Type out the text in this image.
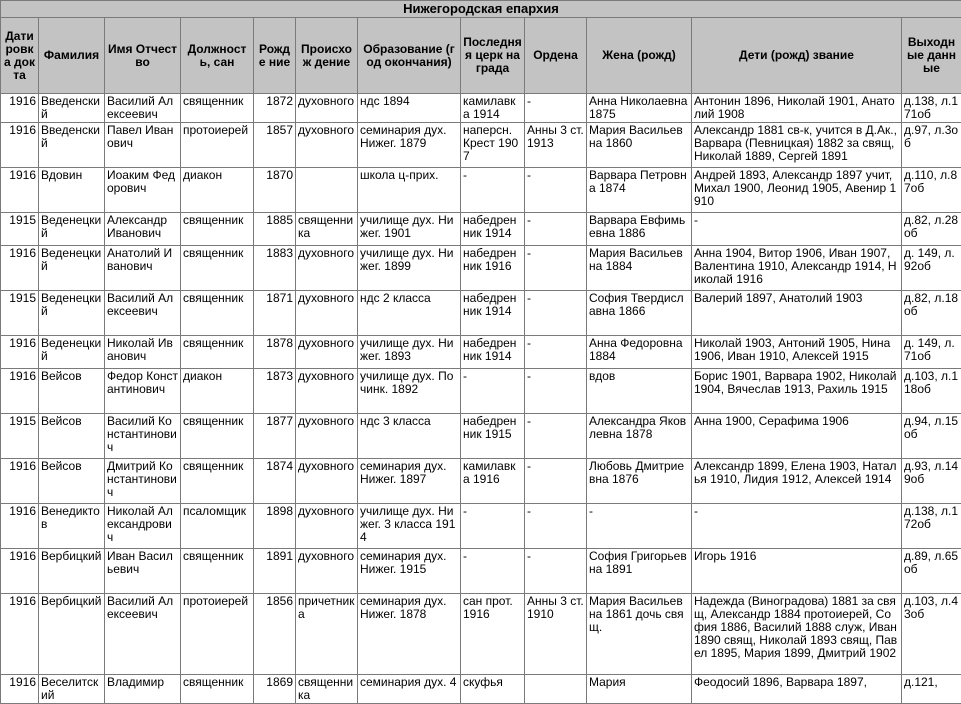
Нижегородская епархия
Дати ровка докта	Фамилия	Имя Отчество	Должность, сан	Рожде ние	Происхож дение	Образование (год окончания)	Последняя церк награда	Ордена	Жена (рожд)	Дети (рожд) звание	Выходные данные
1916	Введенский	Василий Алексеевич	священник	1872	духовного	ндс 1894	камилавка 1914	-	Анна Николаевна 1875	Антонин 1896, Николай 1901, Анатолий 1908	д.138, л.171об
1916	Введенский	Павел Иванович	протоиерей	1857	духовного	семинария дух. Нижег. 1879	наперсн. Крест 1907	Анны 3 ст. 1913	Мария Васильевна 1860	Александр 1881 св-к, учится в Д.Ак., Варвара (Певницкая) 1882 за свящ, Николай 1889, Сергей 1891	д.97, л.3об
1916	Вдовин	Иоаким Федорович	диакон	1870		школа ц-прих.	-	-	Варвара Петровна 1874	Андрей 1893, Александр 1897 учит, Михал 1900, Леонид 1905, Авенир 1910	д.110, л.87об
1915	Веденецкий	Александр Иванович	священник	1885	священника	училище дух. Нижег. 1901	набедренник 1914	-	Варвара Евфимьевна 1886	-	д.82, л.28об
1916	Веденецкий	Анатолий Иванович	священник	1883	духовного	училище дух. Нижег. 1899	набедренник 1916	-	Мария Васильевна 1884	Анна 1904, Витор 1906, Иван 1907, Валентина 1910, Александр 1914, Николай 1916	д. 149, л.92об
1915	Веденецкий	Василий Алексеевич	священник	1871	духовного	ндс 2 класса	набедренник 1914	-	София Твердиславна 1866	Валерий 1897, Анатолий 1903	д.82, л.18об
1916	Веденецкий	Николай Иванович	священник	1878	духовного	училище дух. Нижег. 1893	набедренник 1914	-	Анна Федоровна 1884	Николай 1903, Антоний 1905, Нина 1906, Иван 1910, Алексей 1915	д. 149, л.71об
1916	Вейсов	Федор Константинович	диакон	1873	духовного	училище дух. Починк. 1892	-	-	вдов	Борис 1901, Варвара 1902, Николай 1904, Вячеслав 1913, Рахиль 1915	д.103, л.118об
1915	Вейсов	Василий Константинович	священник	1877	духовного	ндс 3 класса	набедренник 1915	-	Александра Яковлевна 1878	Анна 1900, Серафима 1906	д.94, л.15об
1916	Вейсов	Дмитрий Константинович	священник	1874	духовного	семинария дух. Нижег. 1897	камилавка 1916	-	Любовь Дмитриевна 1876	Александр 1899, Елена 1903, Наталья 1910, Лидия 1912, Алексей 1914	д.93, л.149об
1916	Венедиктов	Николай Александрович	псаломщик	1898	духовного	училище дух. Нижег. 3 класса 1914	-	-	-	-	д.138, л.172об
1916	Вербицкий	Иван Васильевич	священник	1891	духовного	семинария дух. Нижег. 1915	-	-	София Григорьевна 1891	Игорь 1916	д.89, л.65об
1916	Вербицкий	Василий Алексеевич	протоиерей	1856	причетника	семинария дух. Нижег. 1878	сан прот. 1916	Анны 3 ст. 1910	Мария Васильевна 1861 дочь свящ.	Надежда (Виноградова) 1881 за свящ, Александр 1884 протоиерей, София 1886, Василий 1888 служ, Иван 1890 свящ, Николай 1893 свящ, Павел 1895, Мария 1899, Дмитрий 1902	д.103, л.43об
1916	Веселитский	Владимир	священник	1869	священника	семинария дух. 4	скуфья		Мария	Феодосий 1896, Варвара 1897,	д.121,
